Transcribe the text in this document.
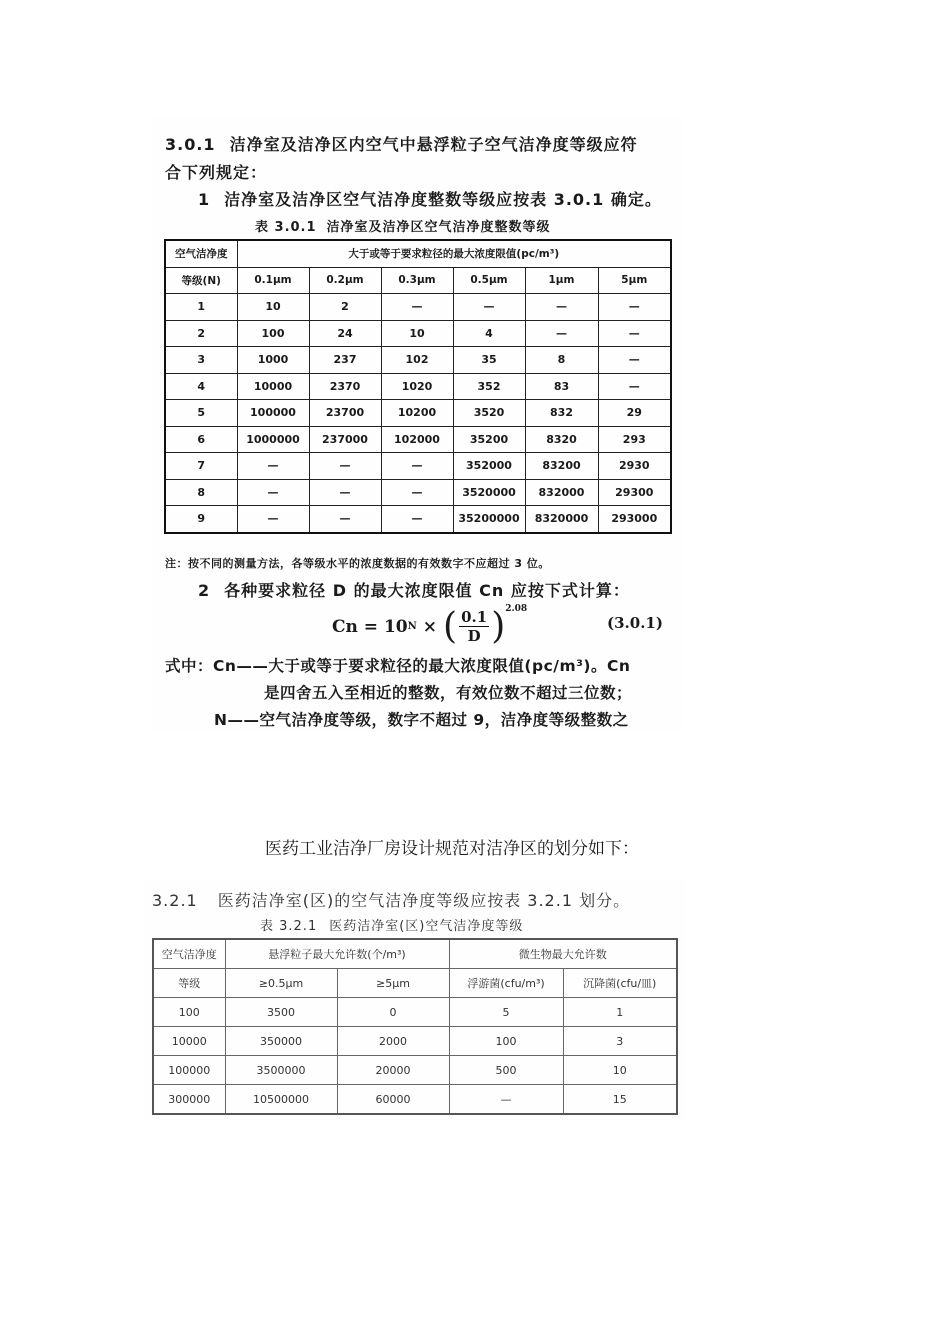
3.0.1 洁净室及洁净区内空气中悬浮粒子空气洁净度等级应符
合下列规定：
1 洁净室及洁净区空气洁净度整数等级应按表 3.0.1 确定。
表 3.0.1 洁净室及洁净区空气洁净度整数等级
空气洁净度	大于或等于要求粒径的最大浓度限值(pc/m³)					
等级(N)	0.1μm	0.2μm	0.3μm	0.5μm	1μm	5μm
1	10	2	—	—	—	—
2	100	24	10	4	—	—
3	1000	237	102	35	8	—
4	10000	2370	1020	352	83	—
5	100000	23700	10200	3520	832	29
6	1000000	237000	102000	35200	8320	293
7	—	—	—	352000	83200	2930
8	—	—	—	3520000	832000	29300
9	—	—	—	35200000	8320000	293000
注：按不同的测量方法，各等级水平的浓度数据的有效数字不应超过 3 位。
2 各种要求粒径 D 的最大浓度限值 Cn 应按下式计算：
Cn = 10 N × ( $\frac{0.1}{D}$ ) 2.08
(3.0.1)
式中：Cn——大于或等于要求粒径的最大浓度限值(pc/m³)。Cn
是四舍五入至相近的整数，有效位数不超过三位数；
N——空气洁净度等级，数字不超过 9，洁净度等级整数之
医药工业洁净厂房设计规范对洁净区的划分如下：
3.2.1 医药洁净室(区)的空气洁净度等级应按表 3.2.1 划分。
表 3.2.1 医药洁净室(区)空气洁净度等级
空气洁净度	悬浮粒子最大允许数(个/m³)		微生物最大允许数	
等级	≥0.5μm	≥5μm	浮游菌(cfu/m³)	沉降菌(cfu/皿)
100	3500	0	5	1
10000	350000	2000	100	3
100000	3500000	20000	500	10
300000	10500000	60000	—	15
